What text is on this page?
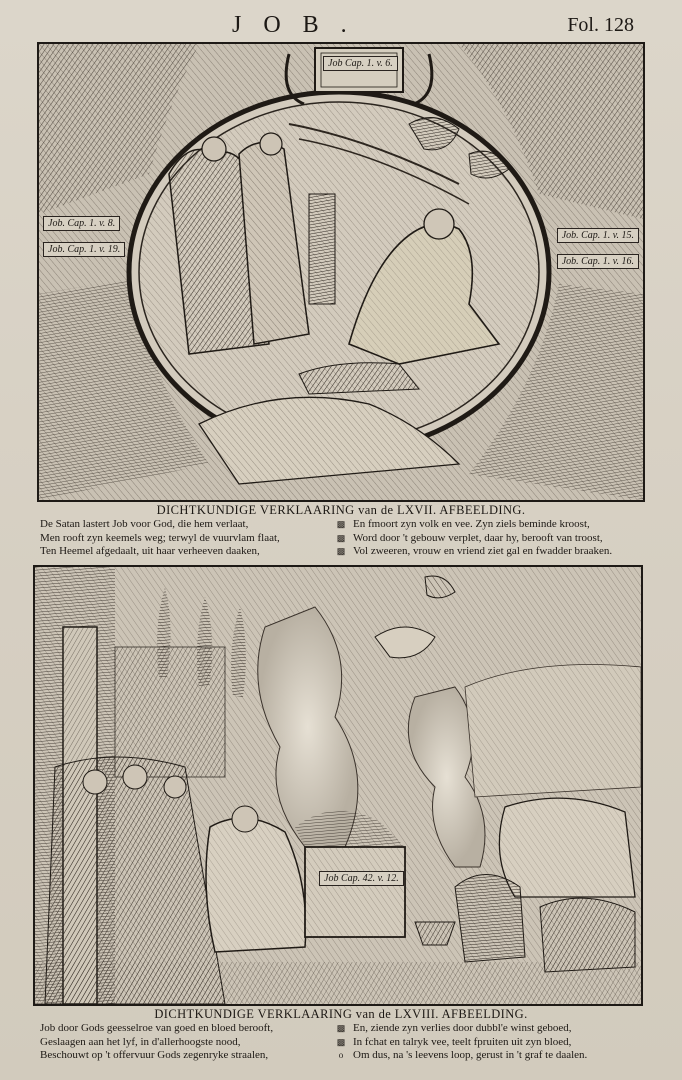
JOB.	Fol. 128
Job Cap. 1. v. 6.
Job. Cap. 1. v. 8.
Job. Cap. 1. v. 19.
Job. Cap. 1. v. 15.
Job. Cap. 1. v. 16.
DICHTKUNDIGE VERKLAARING van de LXVII. AFBEELDING.
De Satan lastert Job voor God, die hem verlaat,
Men rooft zyn keemels weg; terwyl de vuurvlam flaat,
Ten Heemel afgedaalt, uit haar verheeven daaken,
▩
▩
▩
En fmoort zyn volk en vee. Zyn ziels beminde kroost,
Word door 't gebouw verplet, daar hy, berooft van troost,
Vol zweeren, vrouw en vriend ziet gal en fwadder braaken.
Job Cap. 42. v. 12.
DICHTKUNDIGE VERKLAARING van de LXVIII. AFBEELDING.
Job door Gods geesselroe van goed en bloed berooft,
Geslaagen aan het lyf, in d'allerhoogste nood,
Beschouwt op 't offervuur Gods zegenryke straalen,
▩
▩
o
En, ziende zyn verlies door dubbl'e winst geboed,
In fchat en talryk vee, teelt fpruiten uit zyn bloed,
Om dus, na 's leevens loop, gerust in 't graf te daalen.
